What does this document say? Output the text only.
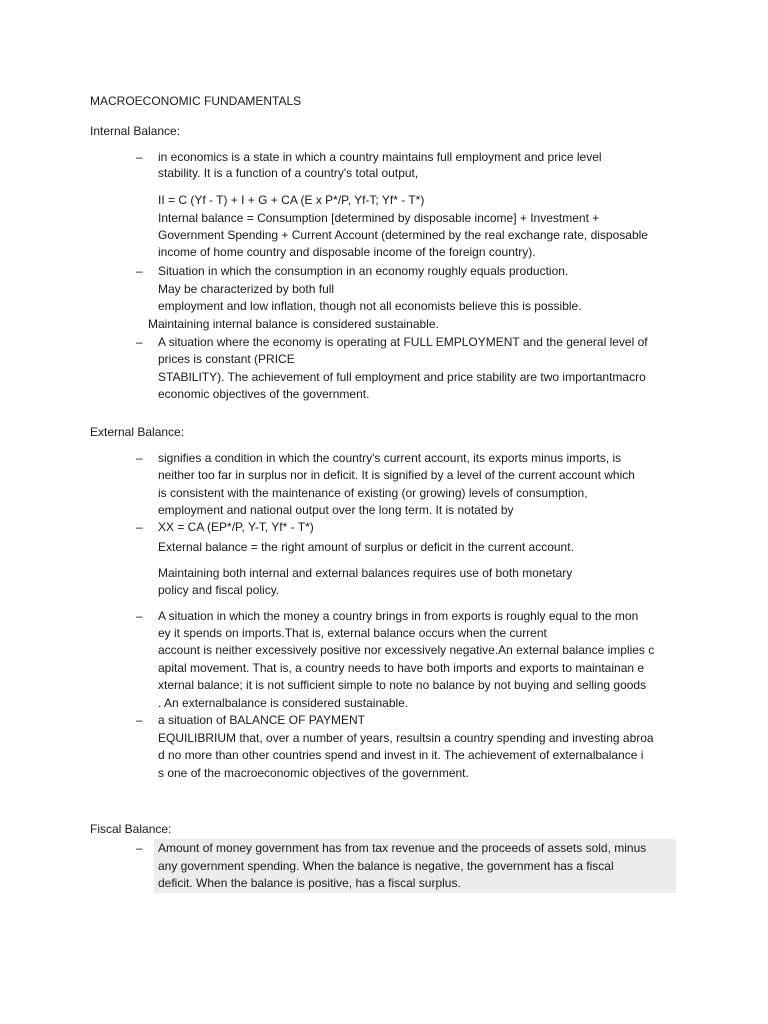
MACROECONOMIC FUNDAMENTALS
Internal Balance:
– in economics is a state in which a country maintains full employment and price level
stability. It is a function of a country's total output,
II = C (Yf - T) + I + G + CA (E x P*/P, Yf-T; Yf* - T*)
Internal balance = Consumption [determined by disposable income] + Investment +
Government Spending + Current Account (determined by the real exchange rate, disposable
income of home country and disposable income of the foreign country).
– Situation in which the consumption in an economy roughly equals production.
May be characterized by both full
employment and low inflation, though not all economists believe this is possible.
Maintaining internal balance is considered sustainable.
– A situation where the economy is operating at FULL EMPLOYMENT and the general level of
prices is constant (PRICE
STABILITY). The achievement of full employment and price stability are two importantmacro
economic objectives of the government.
External Balance:
– signifies a condition in which the country's current account, its exports minus imports, is
neither too far in surplus nor in deficit. It is signified by a level of the current account which
is consistent with the maintenance of existing (or growing) levels of consumption,
employment and national output over the long term. It is notated by
– XX = CA (EP*/P, Y-T, Yf* - T*)
External balance = the right amount of surplus or deficit in the current account.
Maintaining both internal and external balances requires use of both monetary
policy and fiscal policy.
– A situation in which the money a country brings in from exports is roughly equal to the mon
ey it spends on imports.That is, external balance occurs when the current
account is neither excessively positive nor excessively negative.An external balance implies c
apital movement. That is, a country needs to have both imports and exports to maintainan e
xternal balance; it is not sufficient simple to note no balance by not buying and selling goods
. An externalbalance is considered sustainable.
– a situation of BALANCE OF PAYMENT
EQUILIBRIUM that, over a number of years, resultsin a country spending and investing abroa
d no more than other countries spend and invest in it. The achievement of externalbalance i
s one of the macroeconomic objectives of the government.
Fiscal Balance:
– Amount of money government has from tax revenue and the proceeds of assets sold, minus
any government spending. When the balance is negative, the government has a fiscal
deficit. When the balance is positive, has a fiscal surplus.
